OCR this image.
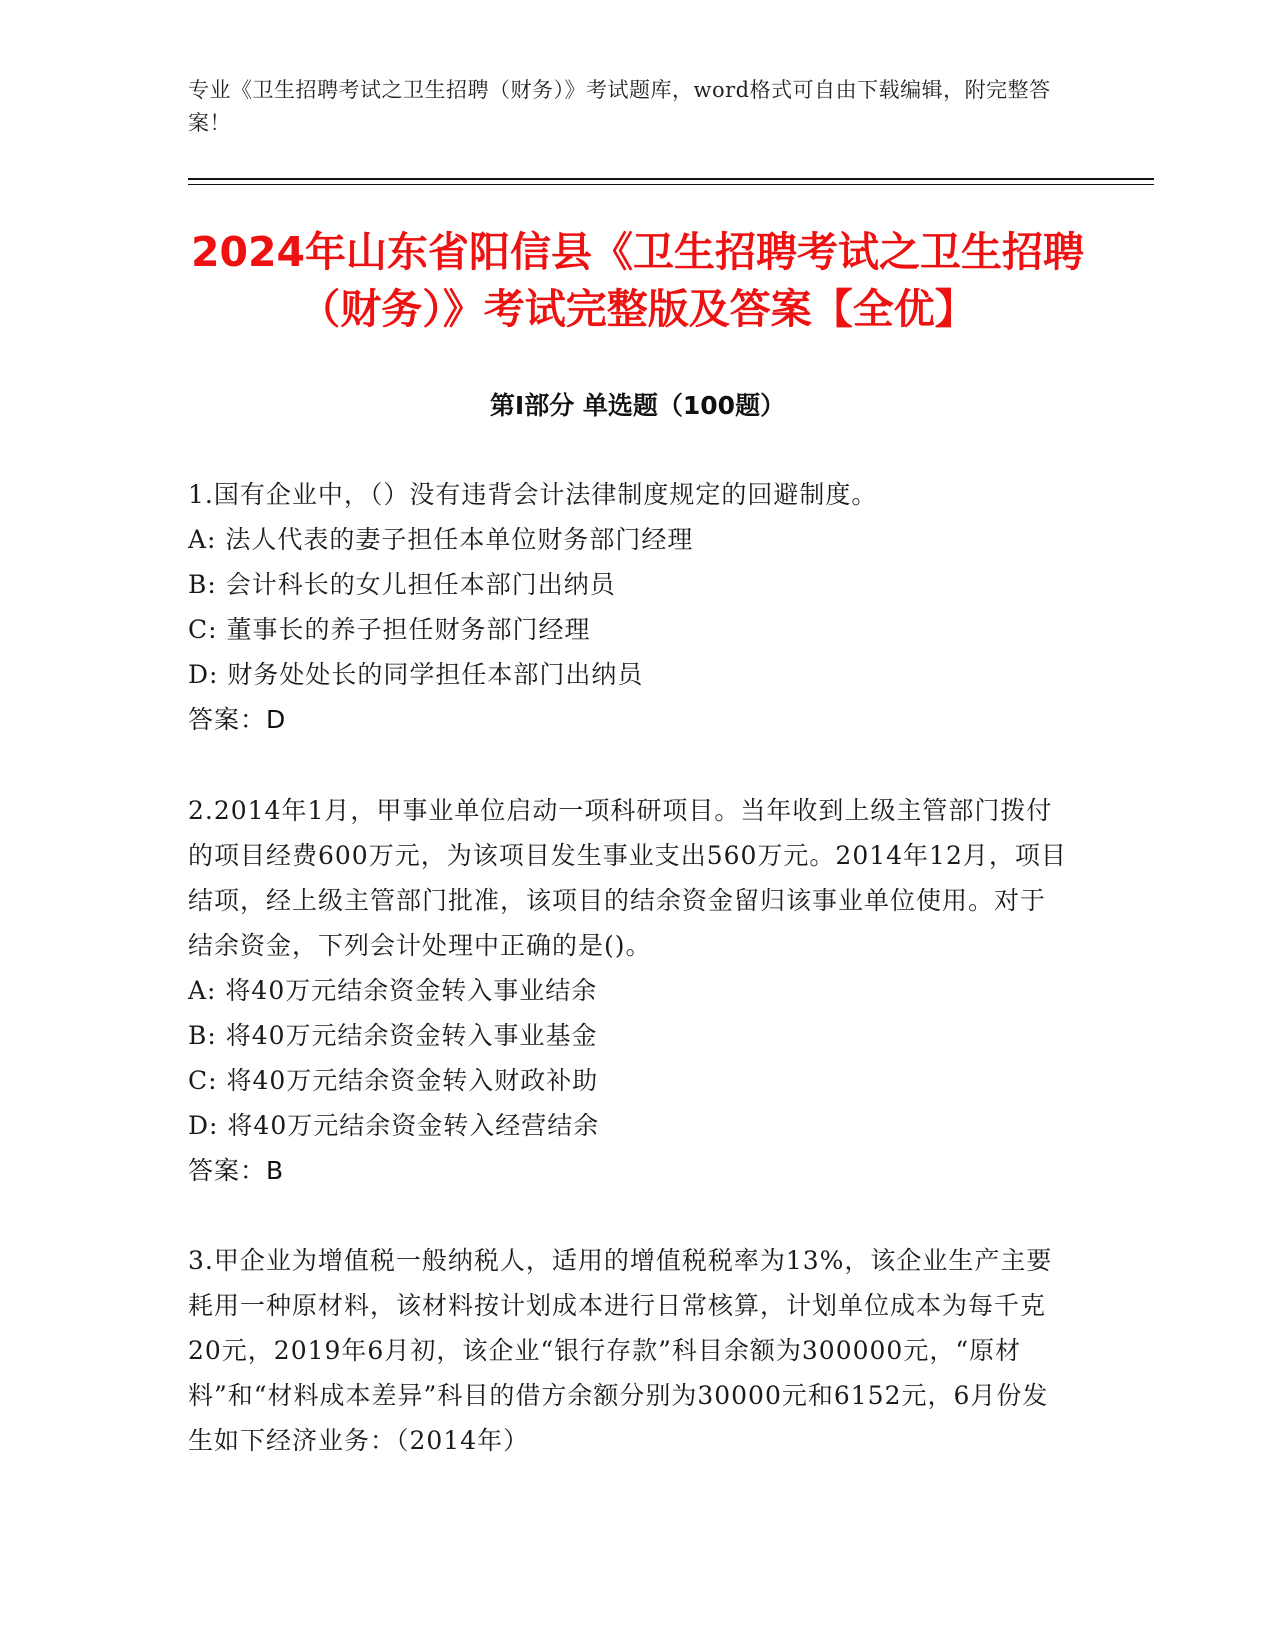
专业《卫生招聘考试之卫生招聘（财务）》考试题库，word格式可自由下载编辑，附完整答案！
2024年山东省阳信县《卫生招聘考试之卫生招聘（财务）》考试完整版及答案【全优】
第Ⅰ部分 单选题（100题）
1.国有企业中，（）没有违背会计法律制度规定的回避制度。
A: 法人代表的妻子担任本单位财务部门经理
B: 会计科长的女儿担任本部门出纳员
C: 董事长的养子担任财务部门经理
D: 财务处处长的同学担任本部门出纳员
答案：D
2.2014年1月，甲事业单位启动一项科研项目。当年收到上级主管部门拨付的项目经费600万元，为该项目发生事业支出560万元。2014年12月，项目结项，经上级主管部门批准，该项目的结余资金留归该事业单位使用。对于结余资金，下列会计处理中正确的是()。
A: 将40万元结余资金转入事业结余
B: 将40万元结余资金转入事业基金
C: 将40万元结余资金转入财政补助
D: 将40万元结余资金转入经营结余
答案：B
3.甲企业为增值税一般纳税人，适用的增值税税率为13%，该企业生产主要耗用一种原材料，该材料按计划成本进行日常核算，计划单位成本为每千克20元，2019年6月初，该企业“银行存款”科目余额为300000元，“原材料”和“材料成本差异”科目的借方余额分别为30000元和6152元，6月份发生如下经济业务：（2014年）
